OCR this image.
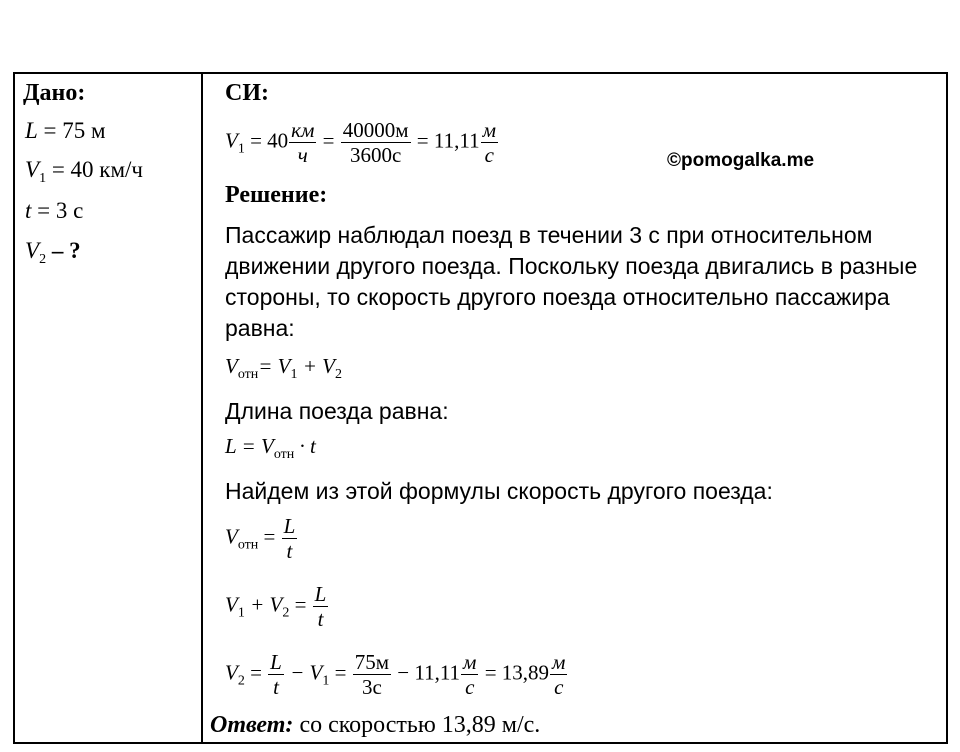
Дано:
L = 75 м
$V_1 = 40$ км/ч
t = 3 с
$V_2$ – ?
СИ:
$V_1 = 40 \frac{км}{ч} = \frac{40000м}{3600с} = 11,11 \frac{м}{с}$
Решение:
Пассажир наблюдал поезд в течении 3 с при относительном движении другого поезда. Поскольку поезда двигались в разные стороны, то скорость другого поезда относительно пассажира равна:
$V_{отн}= V_1 + V_2$
Длина поезда равна:
$L = V_{отн} \cdot t$
Найдем из этой формулы скорость другого поезда:
$V_{отн} = \frac{L}{t}$
$V_1 + V_2 = \frac{L}{t}$
$V_2 = \frac{L}{t} - V_1 = \frac{75м}{3с} - 11,11 \frac{м}{с} = 13,89 \frac{м}{с}$
©pomogalka.me
Ответ: со скоростью 13,89 м/с.
